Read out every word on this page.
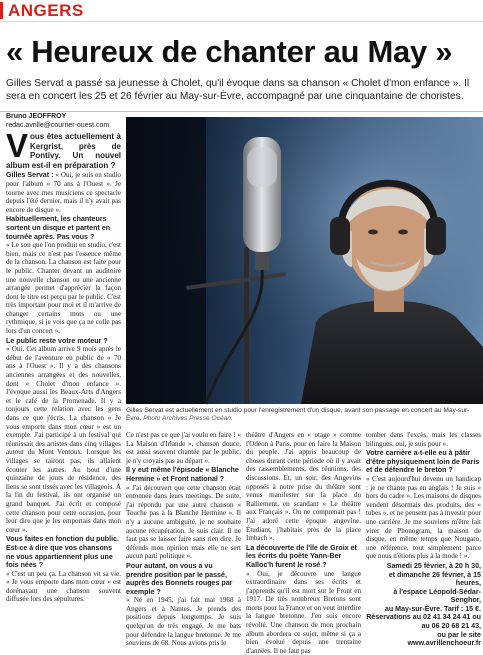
ANGERS
« Heureux de chanter au May »
Gilles Servat a passé sa jeunesse à Cholet, qu'il évoque dans sa chanson « Cholet d'mon enfance ». Il sera en concert les 25 et 26 février au May-sur-Èvre, accompagné par une cinquantaine de choristes.
Bruno JEOFFROY
redac.avrille@courrier-ouest.com

V ous êtes actuellement à Kergrist, près de Pontivy. Un nouvel album est-il en préparation ?

Gilles Servat : « Oui, je suis en studio pour l'album « 70 ans à l'Ouest ». Je tourne avec mes musiciens ce spectacle depuis l'été dernier, mais il n'y avait pas encore de disque ».

Habituellement, les chanteurs sortent un disque et partent en tournée après. Pas vous ?

« Le son que l'on produit en studio, c'est bien, mais ce n'est pas l'essence même de la chanson. La chanson est faite pour le public. Chanter devant un auditoire une nouvelle chanson ou une ancienne arrangée permet d'apprécier la façon dont le titre est perçu par le public. C'est très important pour moi et il m'arrive de changer certains mots ou une rythmique, si je vois que ça ne colle pas lors d'un concert ».

Le public reste votre moteur ?

« Oui. Cet album arrive 9 mois après le début de l'aventure en public de « 70 ans à l'Ouest ». Il y a des chansons anciennes arrangées et des nouvelles, dont « Cholet d'mon enfance ». J'évoque aussi les Beaux-Arts d'Angers et le café de la Promenade. Il y a toujours cette relation avec les gens dans ce que j'écris. La chanson « Je vous emporte dans mon cœur » est un exemple. J'ai participé à un festival qui réunissait des artistes dans cinq villages autour du Mont Ventoux. Lorsque les villages se tairont pas, ils allaient écouter les autres. Au bout d'une quinzaine de jours de résidence, des liens se sont tissés avec les villageois. À la fin du festival, ils ont organisé un grand banquet. J'ai écrit et composé cette chanson pour cette occasion, pour leur dire que je les emportais dans mon cœur ».

Vous faites en fonction du public. Est-ce à dire que vos chansons ne vous appartiennent plus une fois nées ?

« C'est un peu ça. La chanson vit sa vie. « Je vous emporte dans mon cœur » est dorénavant une chanson souvent diffusée lors des sépultures.

Gilles Servat est actuellement en studio pour l'enregistrement d'un disque, avant son passage en concert au May-sur-Èvre. Photo Archives Presse Océan.

Ce n'est pas ce que j'ai voulu en faire ! « La Maison d'Irlande », chanson douce, est aussi souvent chantée par le public, je n'y croyais pas au départ ».

Il y eut même l'épisode « Blanche Hermine » et Front national ?

« J'ai découvert que cette chanson était entonnée dans leurs meetings. De suite, j'ai répondu par une autre chanson « Touche pas à la Blanche Hermine ». Il n'y a aucune ambiguïté, je ne souhaite aucune récupération. Je suis clair. Il ne faut pas se laisser faire sans rien dire. Je défends mon opinion mais elle ne sert aucun parti politique ».

Pour autant, on vous a vu prendre position par le passé, auprès des Bonnets rouges par exemple ?

« Né en 1945, j'ai fait mai 1968 à Angers et à Nantes. Je prends des positions depuis longtemps. Je suis quelqu'un de très engagé. Je me bats pour défendre la langue bretonne. Je me souviens de 68. Nous avions pris le

théâtre d'Angers en « otage » comme l'Odéon à Paris, pour en faire la Maison du peuple. J'ai appris beaucoup de choses durant cette période où il y avait des rassemblements, des réunions, des discussions. Et, un soir, des Angevins opposés à notre prise du théâtre sont venus manifester sur la place du Ralliement, en scandant « Le théâtre aux Français ». On ne comprenait pas ! J'ai adoré cette époque angevine. Étudiant, j'habitais près de la place Imbach ».

La découverte de l'île de Groix et les écrits du poète Yann-Ber Kalloc'h furent le rosé ?

« Oui, je découvre une langue extraordinaire dans ses écrits et j'apprends qu'il est mort sur le Front en 1917. De très nombreux Bretons sont morts pour la France et on veut interdire la langue bretonne. J'en suis encore révolté. Une chanson de mon prochain album abordera ce sujet, même si ça a bien évolué depuis une trentaine d'années. Il ne faut pas

tomber dans l'excès, mais les classes bilingues, oui, je suis pour ».

Votre carrière a-t-elle eu à pâtir d'être physiquement loin de Paris et de défendre le breton ?

« C'est aujourd'hui devenu un handicap : je ne chante pas en anglais ! Je suis « hors du cadre ». Les maisons de disques vendent désormais des produits, des « tubes », et ne pensent pas à investir pour une carrière. Je me souviens m'être fait virer de Phonogram, la maison de disque, en même temps que Nougaro, une référence, tout simplement parce que nous n'étions plus à la mode ! ».

Samedi 25 février, à 20 h 30,
et dimanche 26 février, à 15 heures,
à l'espace Léopold-Sédar-Senghor,
au May-sur-Èvre. Tarif : 15 €.
Réservations au 02 41 34 24 41 ou
au 06 20 68 21 43,
ou par le site www.avrillenchoeur.fr
